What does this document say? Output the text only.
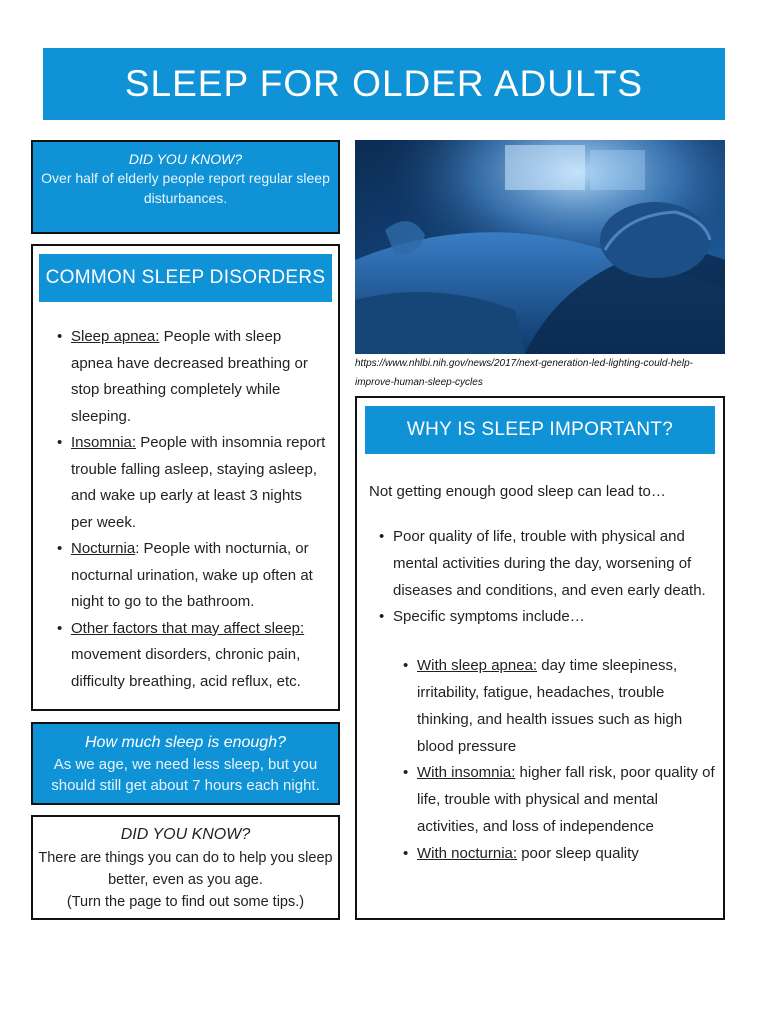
SLEEP FOR OLDER ADULTS
DID YOU KNOW?
Over half of elderly people report regular sleep disturbances.
COMMON SLEEP DISORDERS
• Sleep apnea: People with sleep apnea have decreased breathing or stop breathing completely while sleeping.
• Insomnia: People with insomnia report trouble falling asleep, staying asleep, and wake up early at least 3 nights per week.
• Nocturnia: People with nocturnia, or nocturnal urination, wake up often at night to go to the bathroom.
• Other factors that may affect sleep: movement disorders, chronic pain, difficulty breathing, acid reflux, etc.
How much sleep is enough?
As we age, we need less sleep, but you should still get about 7 hours each night.
DID YOU KNOW?
There are things you can do to help you sleep better, even as you age.
(Turn the page to find out some tips.)
https://www.nhlbi.nih.gov/news/2017/next-generation-led-lighting-could-help-improve-human-sleep-cycles
WHY IS SLEEP IMPORTANT?
Not getting enough good sleep can lead to…
• Poor quality of life, trouble with physical and mental activities during the day, worsening of diseases and conditions, and even early death.
• Specific symptoms include…
• With sleep apnea: day time sleepiness, irritability, fatigue, headaches, trouble thinking, and health issues such as high blood pressure
• With insomnia: higher fall risk, poor quality of life, trouble with physical and mental activities, and loss of independence
• With nocturnia: poor sleep quality
